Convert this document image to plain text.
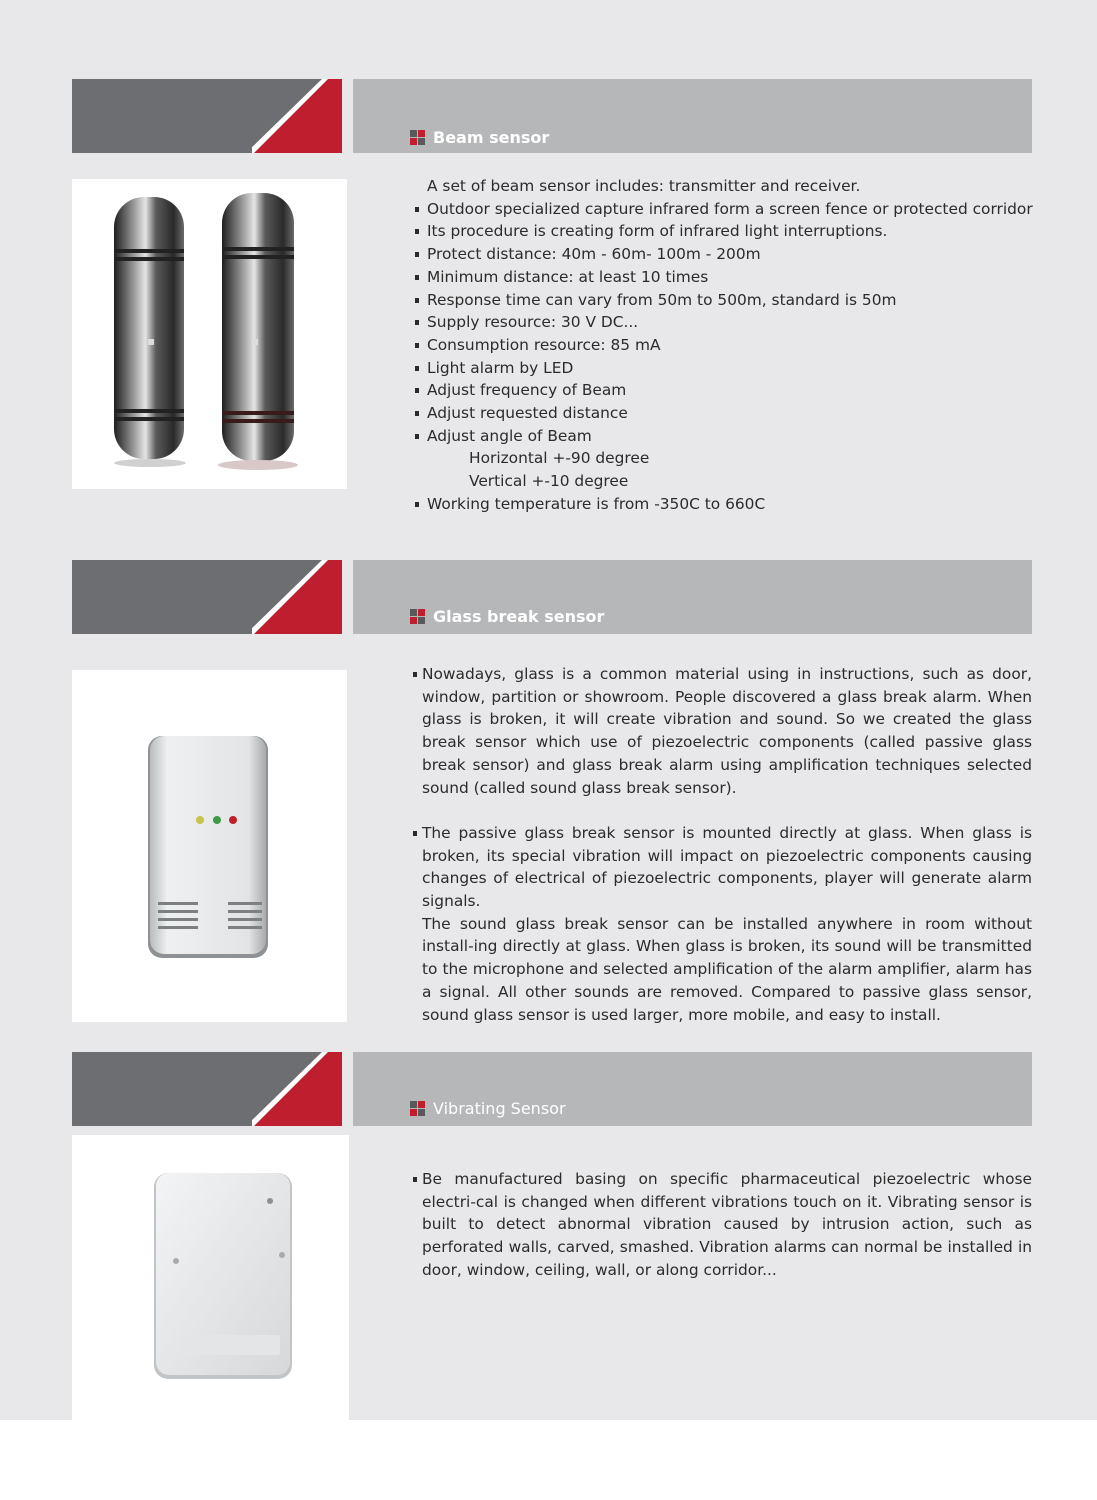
Beam sensor
A set of beam sensor includes: transmitter and receiver.
Outdoor specialized capture infrared form a screen fence or protected corridor
Its procedure is creating form of infrared light interruptions.
Protect distance: 40m - 60m- 100m - 200m
Minimum distance: at least 10 times
Response time can vary from 50m to 500m, standard is 50m
Supply resource: 30 V DC...
Consumption resource: 85 mA
Light alarm by LED
Adjust frequency of Beam
Adjust requested distance
Adjust angle of Beam
Horizontal +-90 degree
Vertical +-10 degree
Working temperature is from -350C to 660C
Glass break sensor

Nowadays, glass is a common material using in instructions, such as door, window, partition or showroom. People discovered a glass break alarm. When glass is broken, it will create vibration and sound. So we created the glass break sensor which use of piezoelectric components (called passive glass break sensor) and glass break alarm using amplification techniques selected sound (called sound glass break sensor).

The passive glass break sensor is mounted directly at glass. When glass is broken, its special vibration will impact on piezoelectric components causing changes of electrical of piezoelectric components, player will generate alarm signals.

The sound glass break sensor can be installed anywhere in room without install-ing directly at glass. When glass is broken, its sound will be transmitted to the microphone and selected amplification of the alarm amplifier, alarm has a signal. All other sounds are removed. Compared to passive glass sensor, sound glass sensor is used larger, more mobile, and easy to install.

Vibrating Sensor

Be manufactured basing on specific pharmaceutical piezoelectric whose electri-cal is changed when different vibrations touch on it. Vibrating sensor is built to detect abnormal vibration caused by intrusion action, such as perforated walls, carved, smashed. Vibration alarms can normal be installed in door, window, ceiling, wall, or along corridor...
